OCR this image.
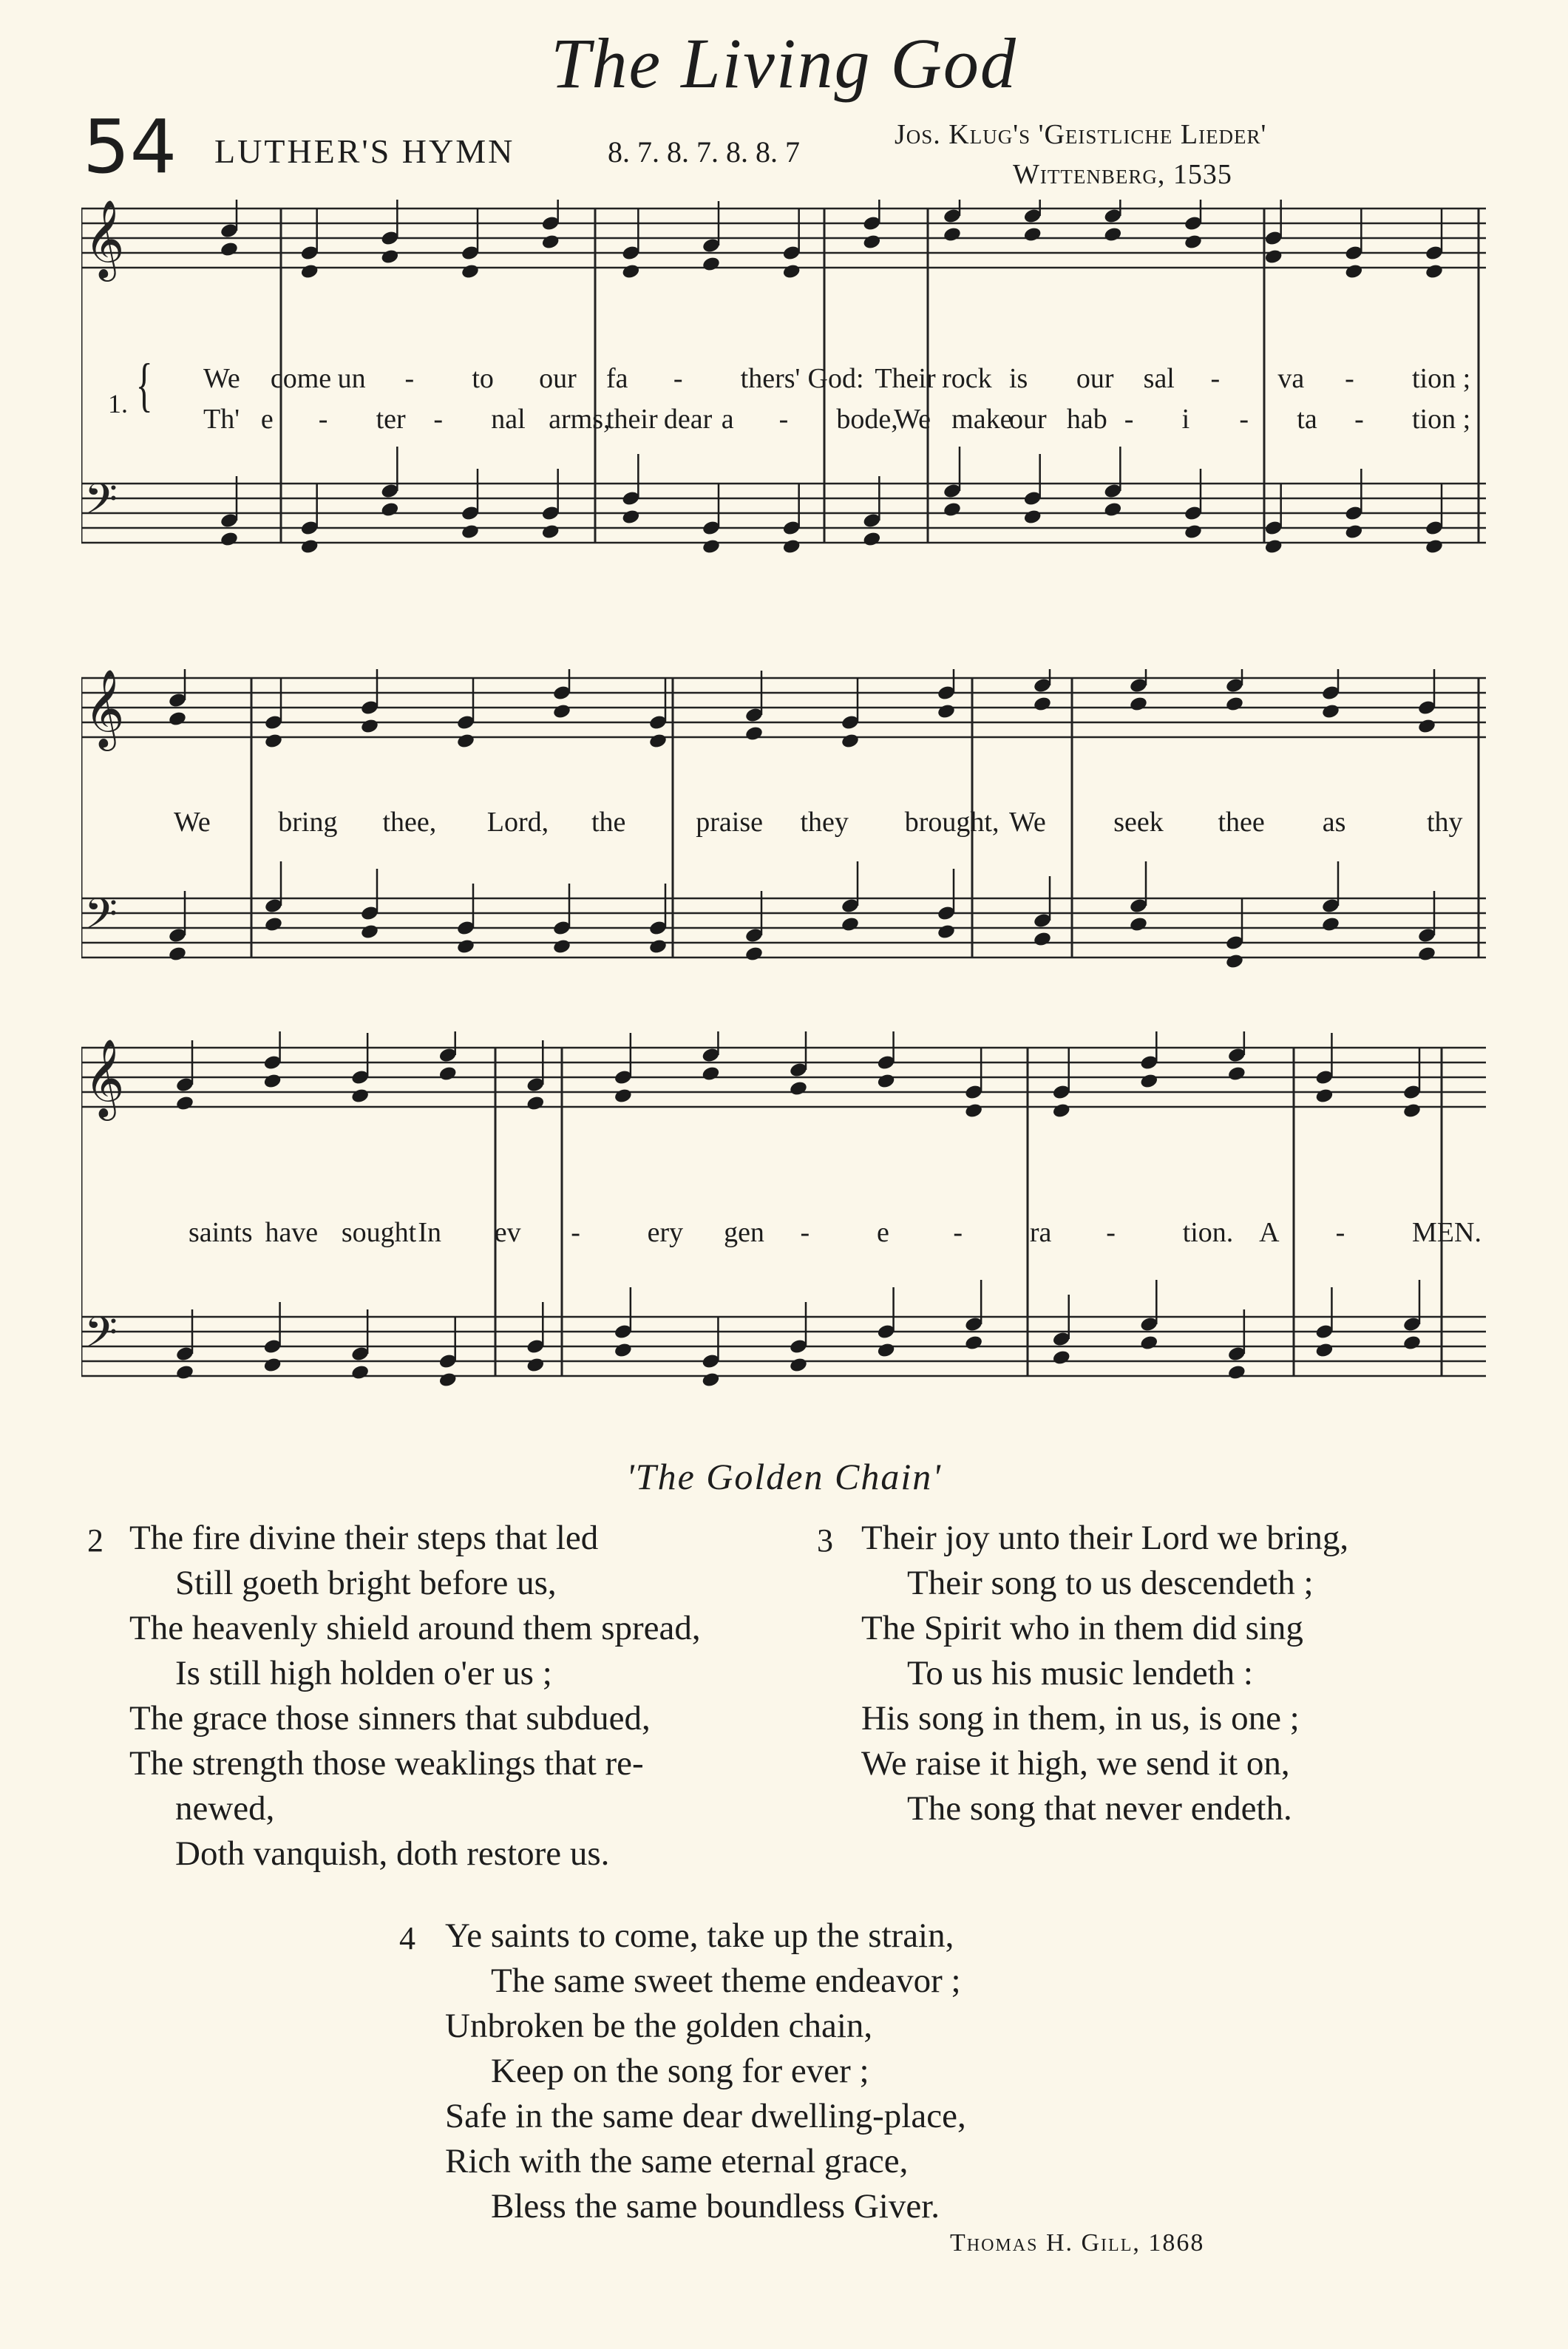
The Living God
54 LUTHER'S HYMN	8. 7. 8. 7. 8. 8. 7
Jos. Klug's 'Geistliche Lieder'
Wittenberg, 1535
𝄞
𝄢
1. { We come un - to our fa - thers' God: Their rock is our sal - va - tion ;
Th' e - ter - nal arms,
their dear a - bode,
We make
our hab - i - ta - tion ;
𝄞
𝄢
We bring thee, Lord, the praise they brought, We seek thee as	thy
𝄞
𝄢
saints have sought In ev - ery gen - e - ra - tion. A - MEN.
'The Golden Chain'
2 The fire divine their steps that led
Still goeth bright before us,
The heavenly shield around them spread,
Is still high holden o'er us ;
The grace those sinners that subdued,
The strength those weaklings that re-
newed,
Doth vanquish, doth restore us.
3 Their joy unto their Lord we bring,
Their song to us descendeth ;
The Spirit who in them did sing
To us his music lendeth :
His song in them, in us, is one ;
We raise it high, we send it on,
The song that never endeth.
4 Ye saints to come, take up the strain,
The same sweet theme endeavor ;
Unbroken be the golden chain,
Keep on the song for ever ;
Safe in the same dear dwelling-place,
Rich with the same eternal grace,
Bless the same boundless Giver.
Thomas H. Gill, 1868
